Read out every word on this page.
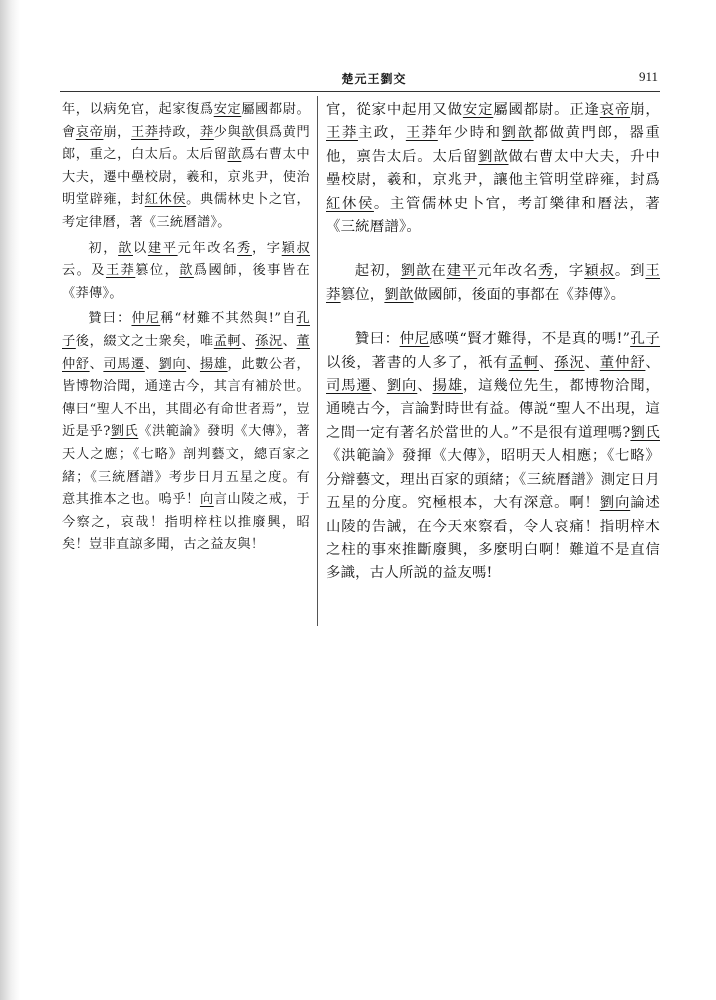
楚元王劉交	911

年，以病免官，起家復爲安定屬國都尉。會哀帝崩，王莽持政，莽少與歆俱爲黄門郎，重之，白太后。太后留歆爲右曹太中大夫，遷中壘校尉，羲和，京兆尹，使治明堂辟雍，封紅休侯。典儒林史卜之官，考定律曆，著《三統曆譜》。

初，歆以建平元年改名秀，字穎叔云。及王莽篡位，歆爲國師，後事皆在《莽傳》。

贊曰：仲尼稱“材難不其然與!”自孔子後，綴文之士衆矣，唯孟軻、孫況、董仲舒、司馬遷、劉向、揚雄，此數公者，皆博物洽聞，通達古今，其言有補於世。傳曰“聖人不出，其間必有命世者焉”，豈近是乎?劉氏《洪範論》發明《大傳》，著天人之應；《七略》剖判藝文，總百家之緒；《三統曆譜》考步日月五星之度。有意其推本之也。嗚乎！向言山陵之戒，于今察之，哀哉！指明梓柱以推廢興，昭矣！豈非直諒多聞，古之益友與！

官，從家中起用又做安定屬國都尉。正逢哀帝崩，王莽主政，王莽年少時和劉歆都做黄門郎，器重他，禀告太后。太后留劉歆做右曹太中大夫，升中壘校尉，羲和，京兆尹，讓他主管明堂辟雍，封爲紅休侯。主管儒林史卜官，考訂樂律和曆法，著《三統曆譜》。

起初，劉歆在建平元年改名秀，字穎叔。到王莽篡位，劉歆做國師，後面的事都在《莽傳》。

贊曰：仲尼感嘆“賢才難得，不是真的嗎!”孔子以後，著書的人多了，衹有孟軻、孫況、董仲舒、司馬遷、劉向、揚雄，這幾位先生，都博物洽聞，通曉古今，言論對時世有益。傳説“聖人不出現，這之間一定有著名於當世的人。”不是很有道理嗎?劉氏《洪範論》發揮《大傳》，昭明天人相應；《七略》分辯藝文，理出百家的頭緒；《三統曆譜》測定日月五星的分度。究極根本，大有深意。啊！劉向論述山陵的告誡，在今天來察看，令人哀痛！指明梓木之柱的事來推斷廢興，多麼明白啊！難道不是直信多識，古人所説的益友嗎!
